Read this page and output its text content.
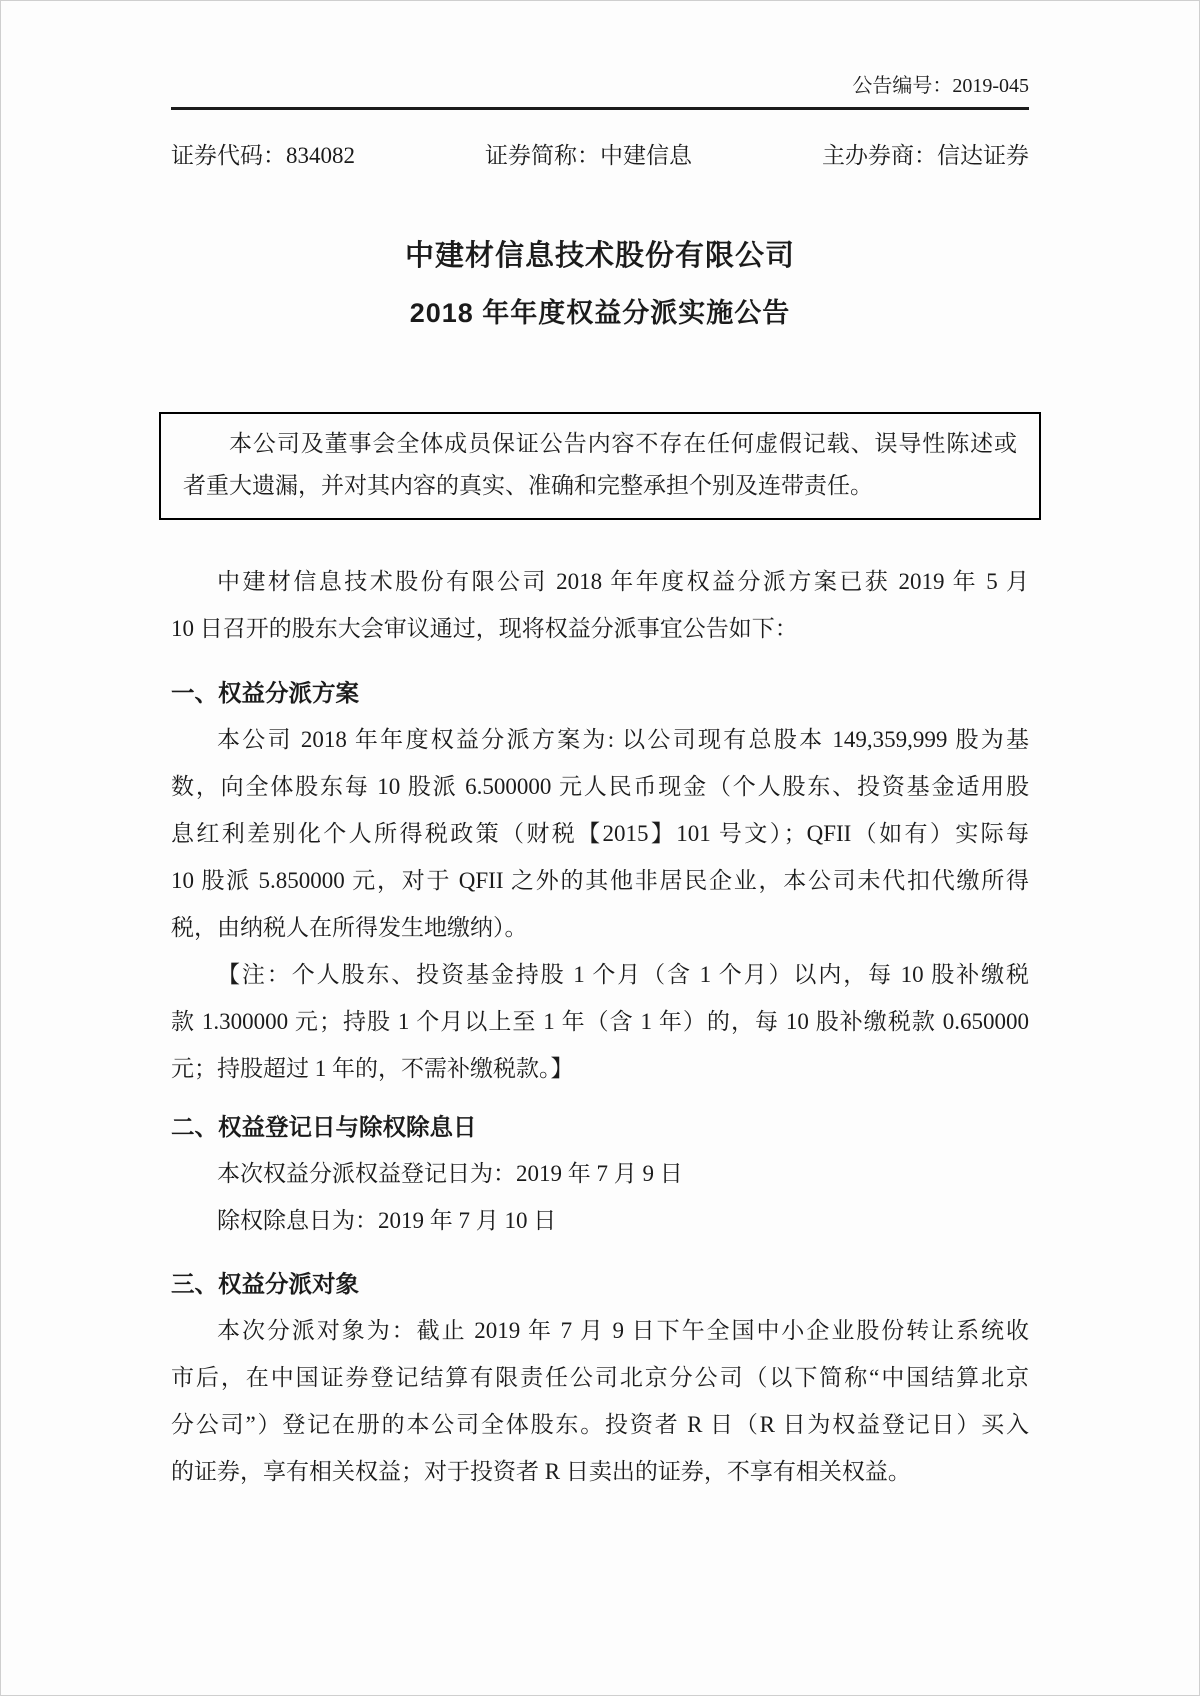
公告编号：2019-045
证券代码：834082	证券简称：中建信息	主办券商：信达证券
中建材信息技术股份有限公司
2018 年年度权益分派实施公告
本公司及董事会全体成员保证公告内容不存在任何虚假记载、误导性陈述或
者重大遗漏，并对其内容的真实、准确和完整承担个别及连带责任。
中建材信息技术股份有限公司 2018 年年度权益分派方案已获 2019 年 5 月
10 日召开的股东大会审议通过，现将权益分派事宜公告如下：
一、权益分派方案
本公司 2018 年年度权益分派方案为: 以公司现有总股本 149,359,999 股为基
数，向全体股东每 10 股派 6.500000 元人民币现金（个人股东、投资基金适用股
息红利差别化个人所得税政策（财税【2015】101 号文）；QFII（如有）实际每
10 股派 5.850000 元，对于 QFII 之外的其他非居民企业，本公司未代扣代缴所得
税，由纳税人在所得发生地缴纳）。
【注：个人股东、投资基金持股 1 个月（含 1 个月）以内，每 10 股补缴税
款 1.300000 元；持股 1 个月以上至 1 年（含 1 年）的，每 10 股补缴税款 0.650000
元；持股超过 1 年的，不需补缴税款。】
二、权益登记日与除权除息日
本次权益分派权益登记日为：2019 年 7 月 9 日
除权除息日为：2019 年 7 月 10 日
三、权益分派对象
本次分派对象为：截止 2019 年 7 月 9 日下午全国中小企业股份转让系统收
市后，在中国证券登记结算有限责任公司北京分公司（以下简称“中国结算北京
分公司”）登记在册的本公司全体股东。投资者 R 日（R 日为权益登记日）买入
的证券，享有相关权益；对于投资者 R 日卖出的证券，不享有相关权益。
